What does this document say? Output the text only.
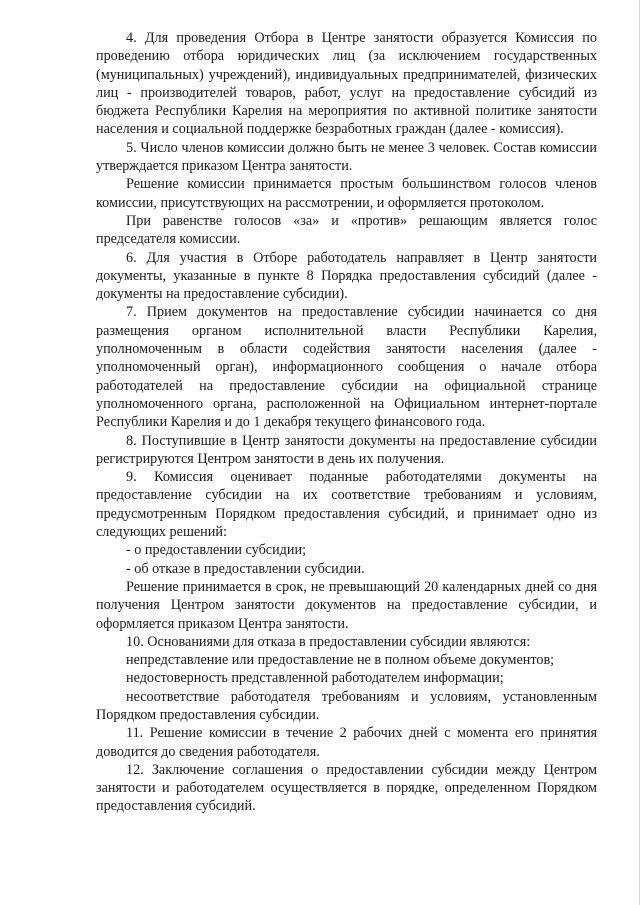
4. Для проведения Отбора в Центре занятости образуется Комиссия по проведению отбора юридических лиц (за исключением государственных (муниципальных) учреждений), индивидуальных предпринимателей, физических лиц - производителей товаров, работ, услуг на предоставление субсидий из бюджета Республики Карелия на мероприятия по активной политике занятости населения и социальной поддержке безработных граждан (далее - комиссия).

5. Число членов комиссии должно быть не менее 3 человек. Состав комиссии утверждается приказом Центра занятости.

Решение комиссии принимается простым большинством голосов членов комиссии, присутствующих на рассмотрении, и оформляется протоколом.

При равенстве голосов «за» и «против» решающим является голос председателя комиссии.

6. Для участия в Отборе работодатель направляет в Центр занятости документы, указанные в пункте 8 Порядка предоставления субсидий (далее - документы на предоставление субсидии).

7. Прием документов на предоставление субсидии начинается со дня размещения органом исполнительной власти Республики Карелия, уполномоченным в области содействия занятости населения (далее - уполномоченный орган), информационного сообщения о начале отбора работодателей на предоставление субсидии на официальной странице уполномоченного органа, расположенной на Официальном интернет-портале Республики Карелия и до 1 декабря текущего финансового года.

8. Поступившие в Центр занятости документы на предоставление субсидии регистрируются Центром занятости в день их получения.

9. Комиссия оценивает поданные работодателями документы на предоставление субсидии на их соответствие требованиям и условиям, предусмотренным Порядком предоставления субсидий, и принимает одно из следующих решений:

- о предоставлении субсидии;

- об отказе в предоставлении субсидии.

Решение принимается в срок, не превышающий 20 календарных дней со дня получения Центром занятости документов на предоставление субсидии, и оформляется приказом Центра занятости.

10. Основаниями для отказа в предоставлении субсидии являются:

непредставление или предоставление не в полном объеме документов;

недостоверность представленной работодателем информации;

несоответствие работодателя требованиям и условиям, установленным Порядком предоставления субсидии.

11. Решение комиссии в течение 2 рабочих дней с момента его принятия доводится до сведения работодателя.

12. Заключение соглашения о предоставлении субсидии между Центром занятости и работодателем осуществляется в порядке, определенном Порядком предоставления субсидий.
